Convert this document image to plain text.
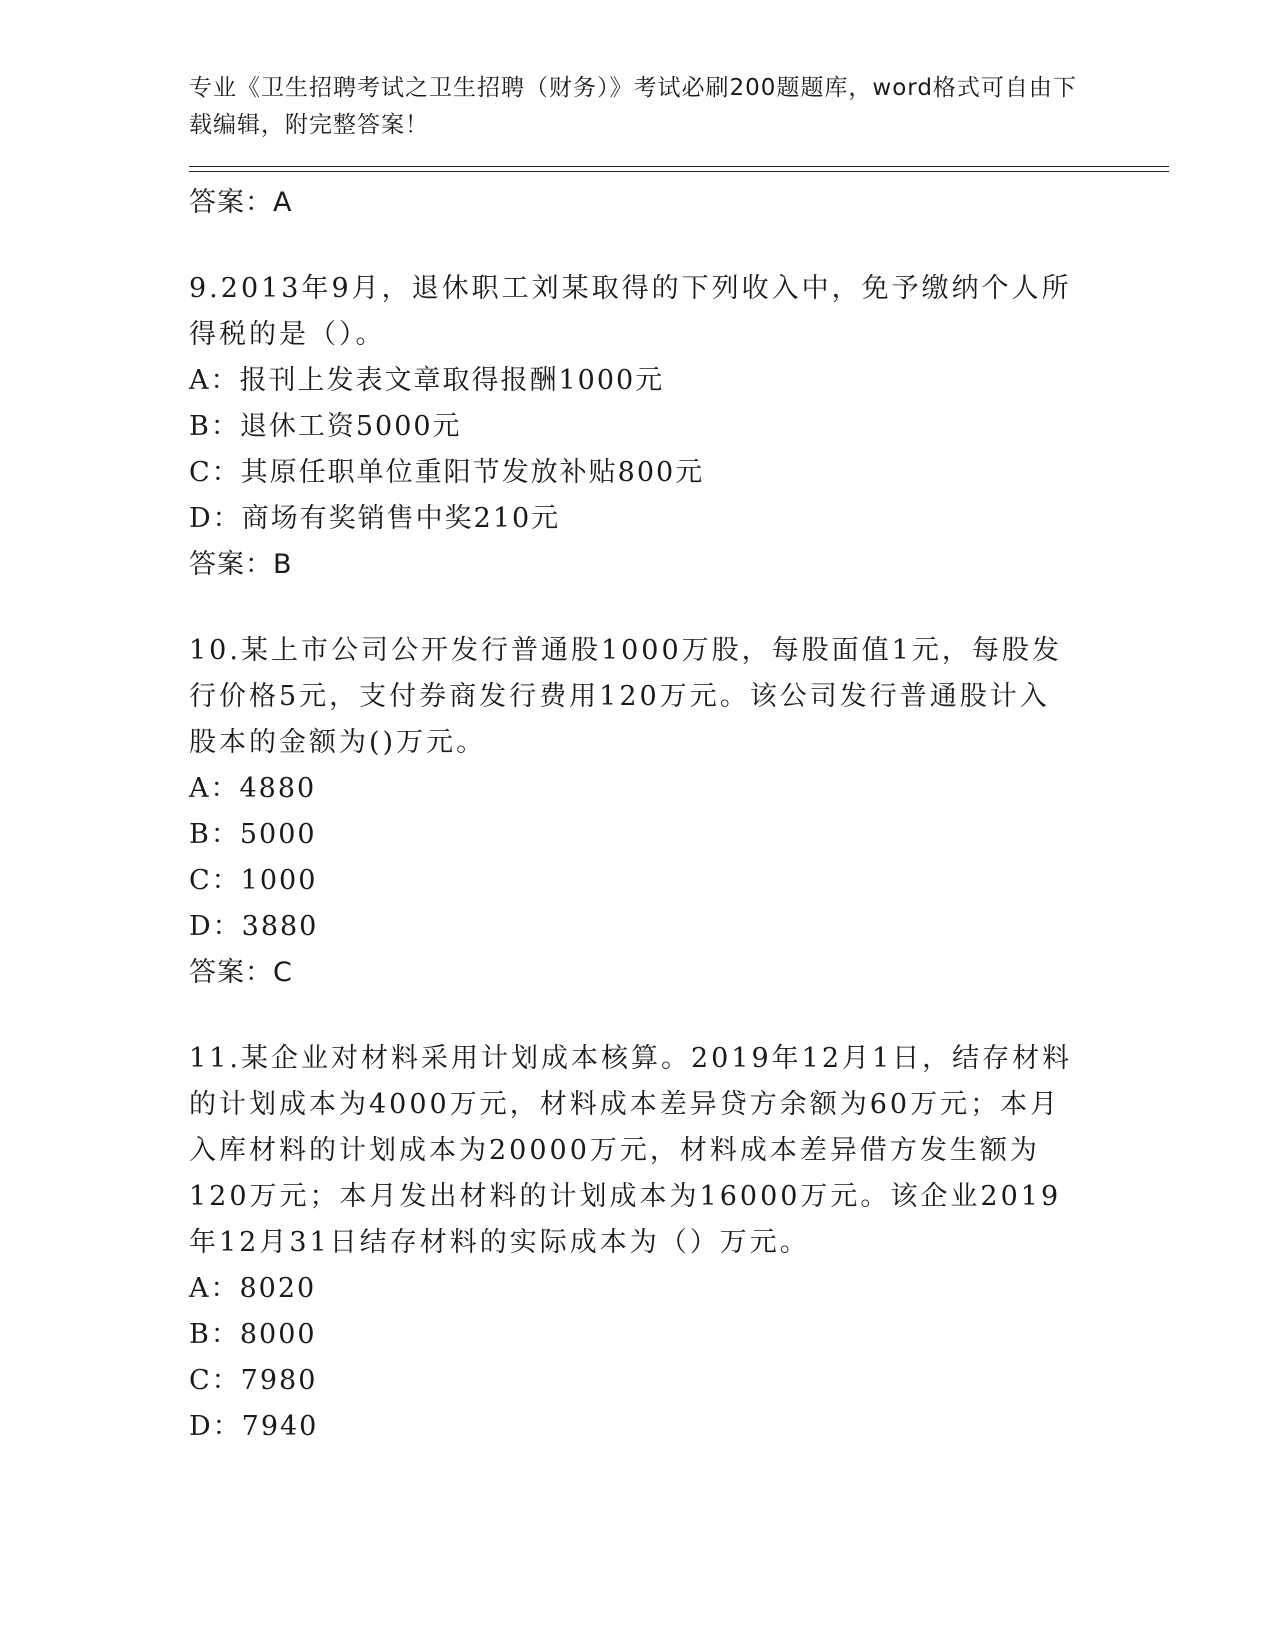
专业《卫生招聘考试之卫生招聘（财务）》考试必刷200题题库，word格式可自由下载编辑，附完整答案！
答案：A
9.2013年9月，退休职工刘某取得的下列收入中，免予缴纳个人所得税的是（）。
A：报刊上发表文章取得报酬1000元
B：退休工资5000元
C：其原任职单位重阳节发放补贴800元
D：商场有奖销售中奖210元
答案：B
10.某上市公司公开发行普通股1000万股，每股面值1元，每股发行价格5元，支付券商发行费用120万元。该公司发行普通股计入股本的金额为()万元。
A：4880
B：5000
C：1000
D：3880
答案：C
11.某企业对材料采用计划成本核算。2019年12月1日，结存材料的计划成本为4000万元，材料成本差异贷方余额为60万元；本月入库材料的计划成本为20000万元，材料成本差异借方发生额为120万元；本月发出材料的计划成本为16000万元。该企业2019年12月31日结存材料的实际成本为（）万元。
A：8020
B：8000
C：7980
D：7940
